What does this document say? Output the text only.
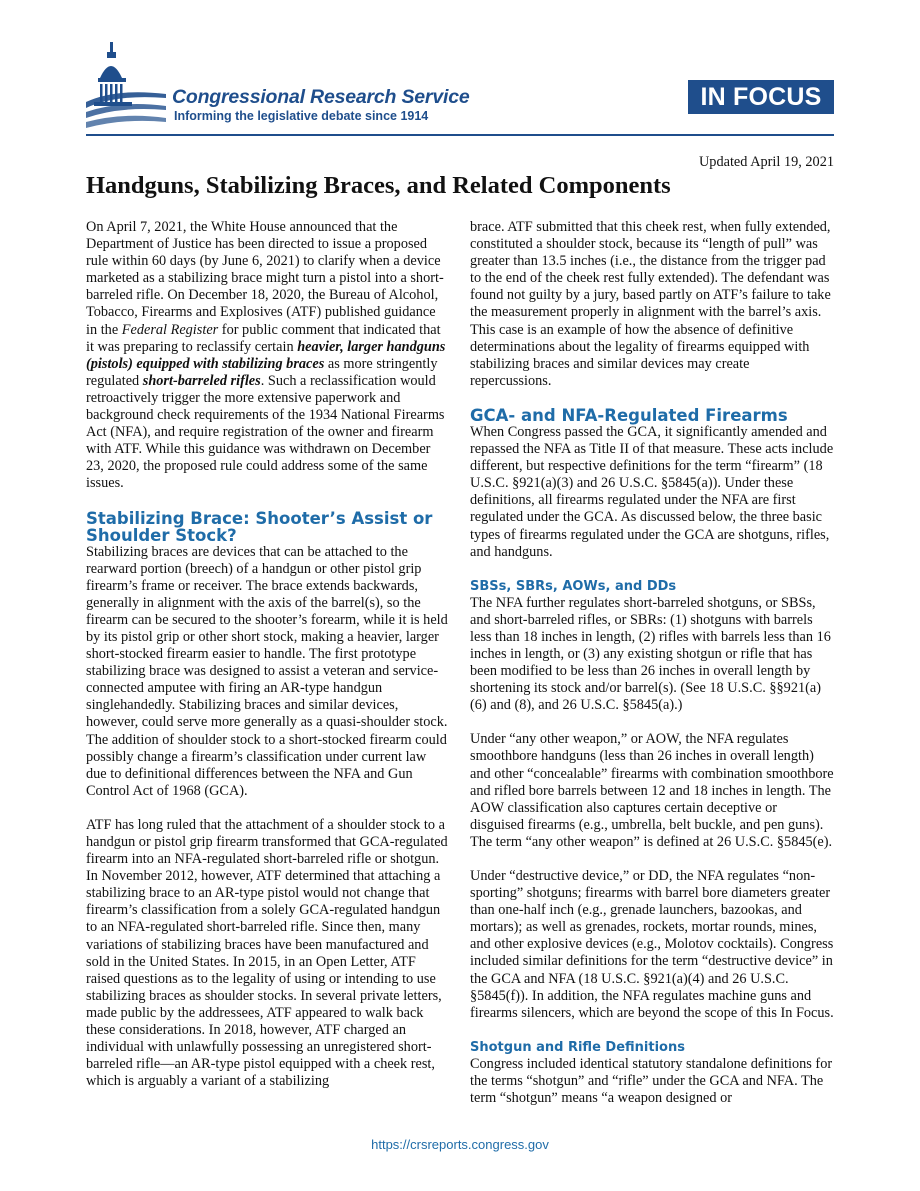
Congressional Research Service
Informing the legislative debate since 1914
IN FOCUS
Updated April 19, 2021
Handguns, Stabilizing Braces, and Related Components

On April 7, 2021, the White House announced that the Department of Justice has been directed to issue a proposed rule within 60 days (by June 6, 2021) to clarify when a device marketed as a stabilizing brace might turn a pistol into a short-barreled rifle. On December 18, 2020, the Bureau of Alcohol, Tobacco, Firearms and Explosives (ATF) published guidance in the Federal Register for public comment that indicated that it was preparing to reclassify certain heavier, larger handguns (pistols) equipped with stabilizing braces as more stringently regulated short-barreled rifles. Such a reclassification would retroactively trigger the more extensive paperwork and background check requirements of the 1934 National Firearms Act (NFA), and require registration of the owner and firearm with ATF. While this guidance was withdrawn on December 23, 2020, the proposed rule could address some of the same issues.

Stabilizing Brace: Shooter’s Assist or Shoulder Stock?

Stabilizing braces are devices that can be attached to the rearward portion (breech) of a handgun or other pistol grip firearm’s frame or receiver. The brace extends backwards, generally in alignment with the axis of the barrel(s), so the firearm can be secured to the shooter’s forearm, while it is held by its pistol grip or other short stock, making a heavier, larger short-stocked firearm easier to handle. The first prototype stabilizing brace was designed to assist a veteran and service-connected amputee with firing an AR-type handgun singlehandedly. Stabilizing braces and similar devices, however, could serve more generally as a quasi-shoulder stock. The addition of shoulder stock to a short-stocked firearm could possibly change a firearm’s classification under current law due to definitional differences between the NFA and Gun Control Act of 1968 (GCA).

ATF has long ruled that the attachment of a shoulder stock to a handgun or pistol grip firearm transformed that GCA-regulated firearm into an NFA-regulated short-barreled rifle or shotgun. In November 2012, however, ATF determined that attaching a stabilizing brace to an AR-type pistol would not change that firearm’s classification from a solely GCA-regulated handgun to an NFA-regulated short-barreled rifle. Since then, many variations of stabilizing braces have been manufactured and sold in the United States. In 2015, in an Open Letter, ATF raised questions as to the legality of using or intending to use stabilizing braces as shoulder stocks. In several private letters, made public by the addressees, ATF appeared to walk back these considerations. In 2018, however, ATF charged an individual with unlawfully possessing an unregistered short-barreled rifle—an AR-type pistol equipped with a cheek rest, which is arguably a variant of a stabilizing

brace. ATF submitted that this cheek rest, when fully extended, constituted a shoulder stock, because its “length of pull” was greater than 13.5 inches (i.e., the distance from the trigger pad to the end of the cheek rest fully extended). The defendant was found not guilty by a jury, based partly on ATF’s failure to take the measurement properly in alignment with the barrel’s axis. This case is an example of how the absence of definitive determinations about the legality of firearms equipped with stabilizing braces and similar devices may create repercussions.

GCA- and NFA-Regulated Firearms

When Congress passed the GCA, it significantly amended and repassed the NFA as Title II of that measure. These acts include different, but respective definitions for the term “firearm” (18 U.S.C. §921(a)(3) and 26 U.S.C. §5845(a)). Under these definitions, all firearms regulated under the NFA are first regulated under the GCA. As discussed below, the three basic types of firearms regulated under the GCA are shotguns, rifles, and handguns.

SBSs, SBRs, AOWs, and DDs

The NFA further regulates short-barreled shotguns, or SBSs, and short-barreled rifles, or SBRs: (1) shotguns with barrels less than 18 inches in length, (2) rifles with barrels less than 16 inches in length, or (3) any existing shotgun or rifle that has been modified to be less than 26 inches in overall length by shortening its stock and/or barrel(s). (See 18 U.S.C. §§921(a)(6) and (8), and 26 U.S.C. §5845(a).)

Under “any other weapon,” or AOW, the NFA regulates smoothbore handguns (less than 26 inches in overall length) and other “concealable” firearms with combination smoothbore and rifled bore barrels between 12 and 18 inches in length. The AOW classification also captures certain deceptive or disguised firearms (e.g., umbrella, belt buckle, and pen guns). The term “any other weapon” is defined at 26 U.S.C. §5845(e).

Under “destructive device,” or DD, the NFA regulates “non-sporting” shotguns; firearms with barrel bore diameters greater than one-half inch (e.g., grenade launchers, bazookas, and mortars); as well as grenades, rockets, mortar rounds, mines, and other explosive devices (e.g., Molotov cocktails). Congress included similar definitions for the term “destructive device” in the GCA and NFA (18 U.S.C. §921(a)(4) and 26 U.S.C. §5845(f)). In addition, the NFA regulates machine guns and firearms silencers, which are beyond the scope of this In Focus.

Shotgun and Rifle Definitions

Congress included identical statutory standalone definitions for the terms “shotgun” and “rifle” under the GCA and NFA. The term “shotgun” means “a weapon designed or

https://crsreports.congress.gov
